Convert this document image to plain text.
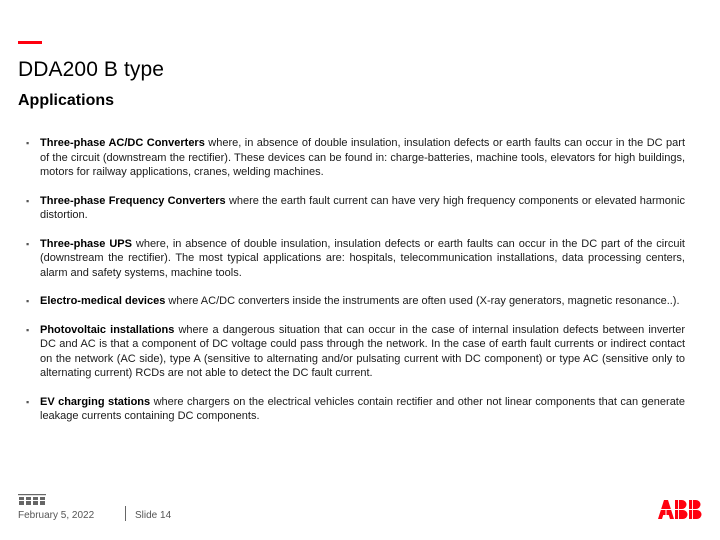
DDA200 B type
Applications
▪ Three-phase AC/DC Converters where, in absence of double insulation, insulation defects or earth faults can occur in the DC part of the circuit (downstream the rectifier). These devices can be found in: charge-batteries, machine tools, elevators for high buildings, motors for railway applications, cranes, welding machines.
▪ Three-phase Frequency Converters where the earth fault current can have very high frequency components or elevated harmonic distortion.
▪ Three-phase UPS where, in absence of double insulation, insulation defects or earth faults can occur in the DC part of the circuit (downstream the rectifier). The most typical applications are: hospitals, telecommunication installations, data processing centers, alarm and safety systems, machine tools.
▪ Electro-medical devices where AC/DC converters inside the instruments are often used (X-ray generators, magnetic resonance..).
▪ Photovoltaic installations where a dangerous situation that can occur in the case of internal insulation defects between inverter DC and AC is that a component of DC voltage could pass through the network. In the case of earth fault currents or indirect contact on the network (AC side), type A (sensitive to alternating and/or pulsating current with DC component) or type AC (sensitive only to alternating current) RCDs are not able to detect the DC fault current.
▪ EV charging stations where chargers on the electrical vehicles contain rectifier and other not linear components that can generate leakage currents containing DC components.
February 5, 2022	Slide 14
